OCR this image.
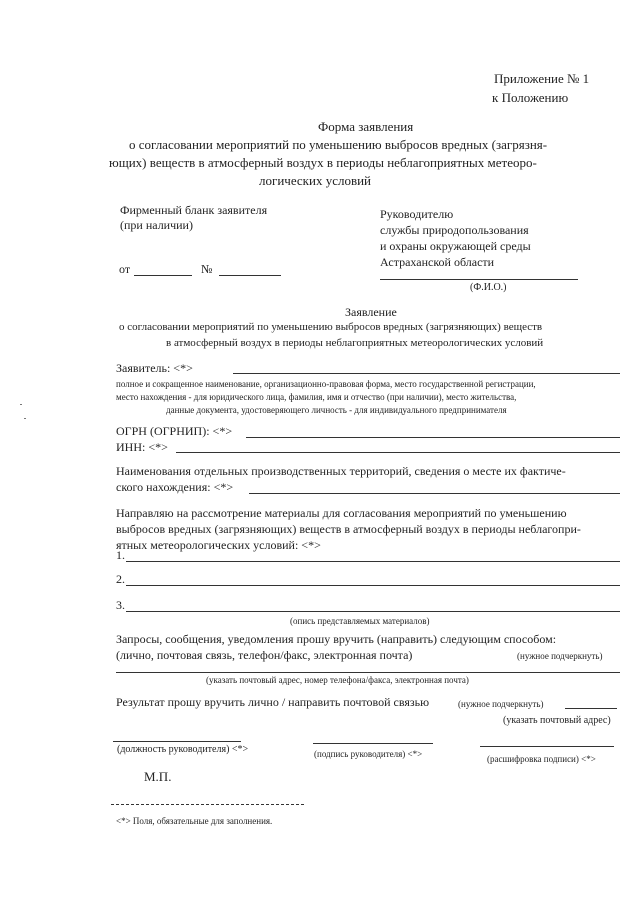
Приложение № 1
к Положению
Форма заявления
о согласовании мероприятий по уменьшению выбросов вредных (загрязня-
ющих) веществ в атмосферный воздух в периоды неблагоприятных метеоро-
логических условий
Фирменный бланк заявителя
(при наличии)
от	№
Руководителю
службы природопользования
и охраны окружающей среды
Астраханской области
(Ф.И.О.)
Заявление
о согласовании мероприятий по уменьшению выбросов вредных (загрязняющих) веществ
в атмосферный воздух в периоды неблагоприятных метеорологических условий
Заявитель: <*>
полное и сокращенное наименование, организационно-правовая форма, место государственной регистрации,
место нахождения - для юридического лица, фамилия, имя и отчество (при наличии), место жительства,
данные документа, удостоверяющего личность - для индивидуального предпринимателя
ОГРН (ОГРНИП): <*>
ИНН: <*>
Наименования отдельных производственных территорий, сведения о месте их фактиче-
ского нахождения: <*>
Направляю на рассмотрение материалы для согласования мероприятий по уменьшению
выбросов вредных (загрязняющих) веществ в атмосферный воздух в периоды неблагопри-
ятных метеорологических условий: <*>
1.
2.
3.
(опись представляемых материалов)
Запросы, сообщения, уведомления прошу вручить (направить) следующим способом:
(лично, почтовая связь, телефон/факс, электронная почта)	(нужное подчеркнуть)
(указать почтовый адрес, номер телефона/факса, электронная почта)
Результат прошу вручить лично / направить почтовой связью	(нужное подчеркнуть)
(указать почтовый адрес)
(должность руководителя) <*>	(подпись руководителя) <*>	(расшифровка подписи) <*>
М.П.
<*> Поля, обязательные для заполнения.
